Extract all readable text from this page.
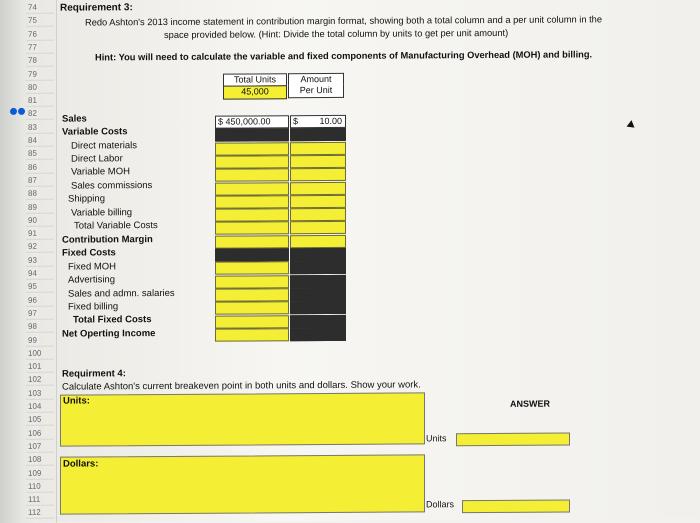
74
75
76
77
78
79
80
81
82
83
84
85
86
87
88
89
90
91
92
93
94
95
96
97
98
99
100
101
102
103
104
105
106
107
108
109
110
111
112
Requirement 3:
Redo Ashton's 2013 income statement in contribution margin format, showing both a total column and a per unit column in the
space provided below. (Hint: Divide the total column by units to get per unit amount)
Hint: You will need to calculate the variable and fixed components of Manufacturing Overhead (MOH) and billing.
Total Units
45,000
Amount
Per Unit
Sales
Variable Costs
Direct materials
Direct Labor
Variable MOH
Sales commissions
Shipping
Variable billing
Total Variable Costs
Contribution Margin
Fixed Costs
Fixed MOH
Advertising
Sales and admn. salaries
Fixed billing
Total Fixed Costs
Net Operting Income
$ 450,000.00	$ 10.00
Requirment 4:
Calculate Ashton's current breakeven point in both units and dollars. Show your work.
Units:	ANSWER
Units
Dollars:
Dollars
